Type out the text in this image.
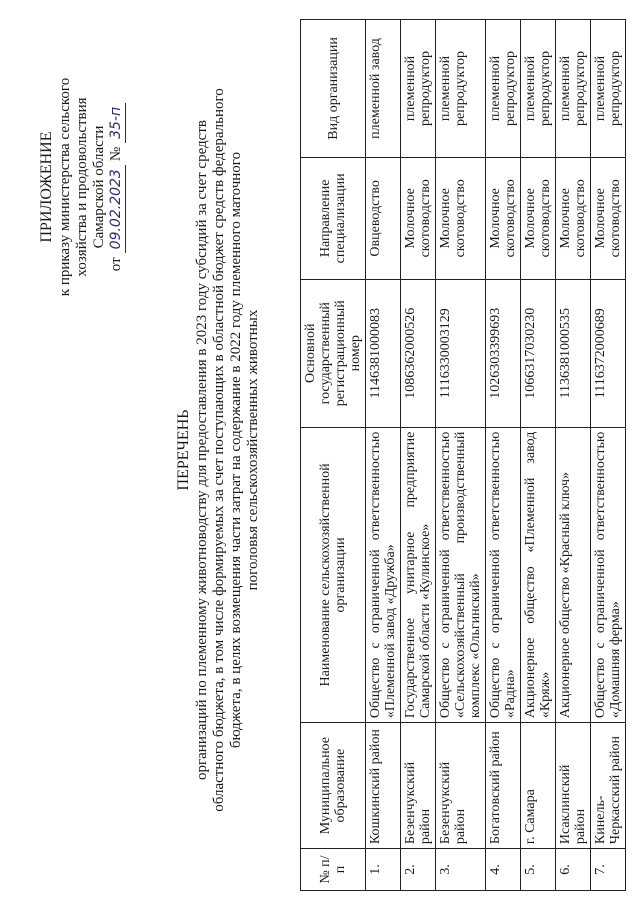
ПРИЛОЖЕНИЕ к приказу министерства сельского хозяйства и продовольствия Самарской области
от
09.02.2023
№
35-п
ПЕРЕЧЕНЬ организаций по племенному животноводству для предоставления в 2023 году субсидий за счет средств областного бюджета, в том числе формируемых за счет поступающих в областной бюджет средств федерального бюджета, в целях возмещения части затрат на содержание в 2022 году племенного маточного поголовья сельскохозяйственных животных
№ п/п	Муниципальное образование	Наименование сельскохозяйственной организации	Основной государственный регистрационный номер	Направление специализации	Вид организации
1.	Кошкинский район	Общество с ограниченной ответственностью «Племенной завод «Дружба»	1146381000083	Овцеводство	племенной завод
2.	Безенчукский район	Государственное унитарное предприятие Самарской области «Кулинское»	1086362000526	Молочное скотоводство	племенной репродуктор
3.	Безенчукский район	Общество с ограниченной ответственностью «Сельскохозяйственный производственный комплекс «Ольгинский»	1116330003129	Молочное скотоводство	племенной репродуктор
4.	Богатовский район	Общество с ограниченной ответственностью «Радна»	1026303399693	Молочное скотоводство	племенной репродуктор
5.	г. Самара	Акционерное общество «Племенной завод «Кряж»	1066317030230	Молочное скотоводство	племенной репродуктор
6.	Исаклинский район	Акционерное общество «Красный ключ»	1136381000535	Молочное скотоводство	племенной репродуктор
7.	Кинель-Черкасский район	Общество с ограниченной ответственностью «Домашняя ферма»	1116372000689	Молочное скотоводство	племенной репродуктор
